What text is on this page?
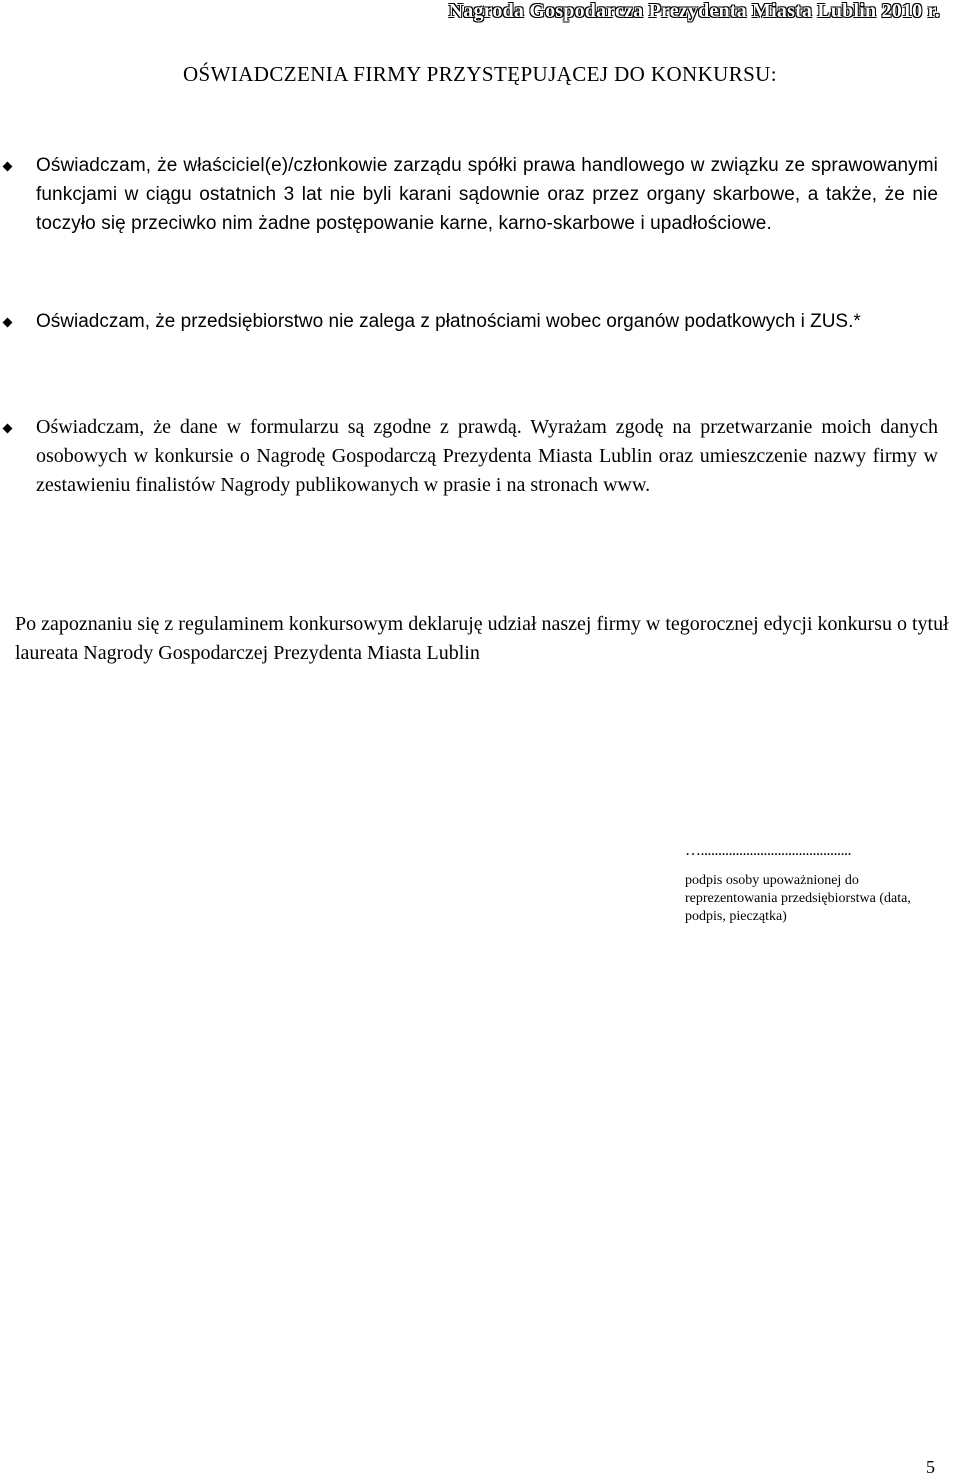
Nagroda Gospodarcza Prezydenta Miasta Lublin 2010 r.
OŚWIADCZENIA FIRMY PRZYSTĘPUJĄCEJ DO KONKURSU:
Oświadczam, że właściciel(e)/członkowie zarządu spółki prawa handlowego w związku ze sprawowanymi funkcjami w ciągu ostatnich 3 lat nie byli karani sądownie oraz przez organy skarbowe, a także, że nie toczyło się przeciwko nim żadne postępowanie karne, karno-skarbowe i upadłościowe.
Oświadczam, że przedsiębiorstwo nie zalega z płatnościami wobec organów podatkowych i ZUS.*
Oświadczam, że dane w formularzu są zgodne z prawdą. Wyrażam zgodę na przetwarzanie moich danych osobowych w konkursie o Nagrodę Gospodarczą Prezydenta Miasta Lublin oraz umieszczenie nazwy firmy w zestawieniu finalistów Nagrody publikowanych w prasie i na stronach www.
Po zapoznaniu się z regulaminem konkursowym deklaruję udział naszej firmy w tegorocznej edycji konkursu o tytuł laureata Nagrody Gospodarczej Prezydenta Miasta Lublin
…...........................................
podpis osoby upoważnionej do reprezentowania przedsiębiorstwa (data, podpis, pieczątka)
5
